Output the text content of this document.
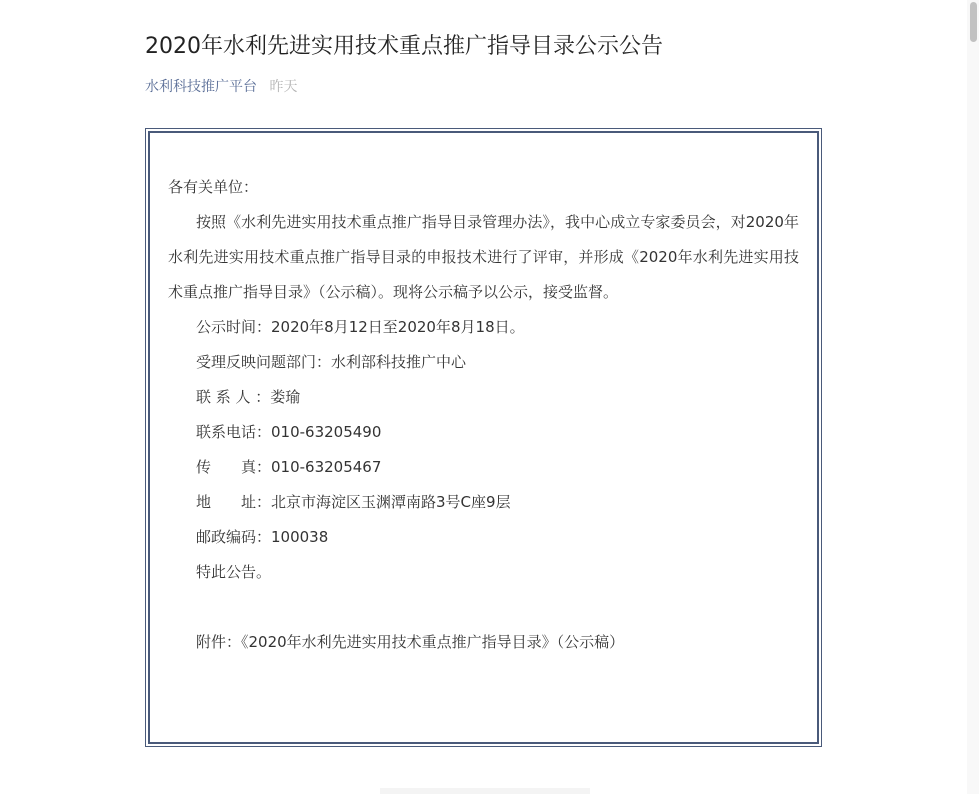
2020年水利先进实用技术重点推广指导目录公示公告
水利科技推广平台 昨天

各有关单位：

按照《水利先进实用技术重点推广指导目录管理办法》，我中心成立专家委员会，对2020年水利先进实用技术重点推广指导目录的申报技术进行了评审，并形成《2020年水利先进实用技术重点推广指导目录》（公示稿）。现将公示稿予以公示，接受监督。

公示时间：2020年8月12日至2020年8月18日。

受理反映问题部门：水利部科技推广中心

联 系 人 ：娄瑜

联系电话：010-63205490

传　　真：010-63205467

地　　址：北京市海淀区玉渊潭南路3号C座9层

邮政编码：100038

特此公告。

附件：《2020年水利先进实用技术重点推广指导目录》（公示稿）
